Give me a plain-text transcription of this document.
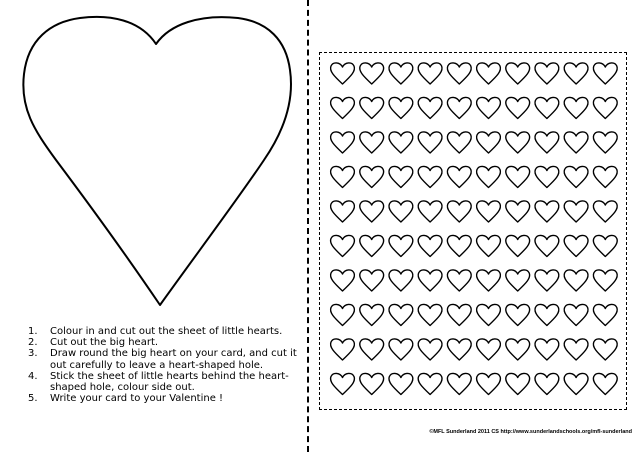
1.	Colour in and cut out the sheet of little hearts.
2.	Cut out the big heart.
3.	Draw round the big heart on your card, and cut it out carefully to leave a heart-shaped hole.
4.	Stick the sheet of little hearts behind the heart-shaped hole, colour side out.
5.	Write your card to your Valentine !
©MFL Sunderland 2011 CS http://www.sunderlandschools.org/mfl-sunderland
